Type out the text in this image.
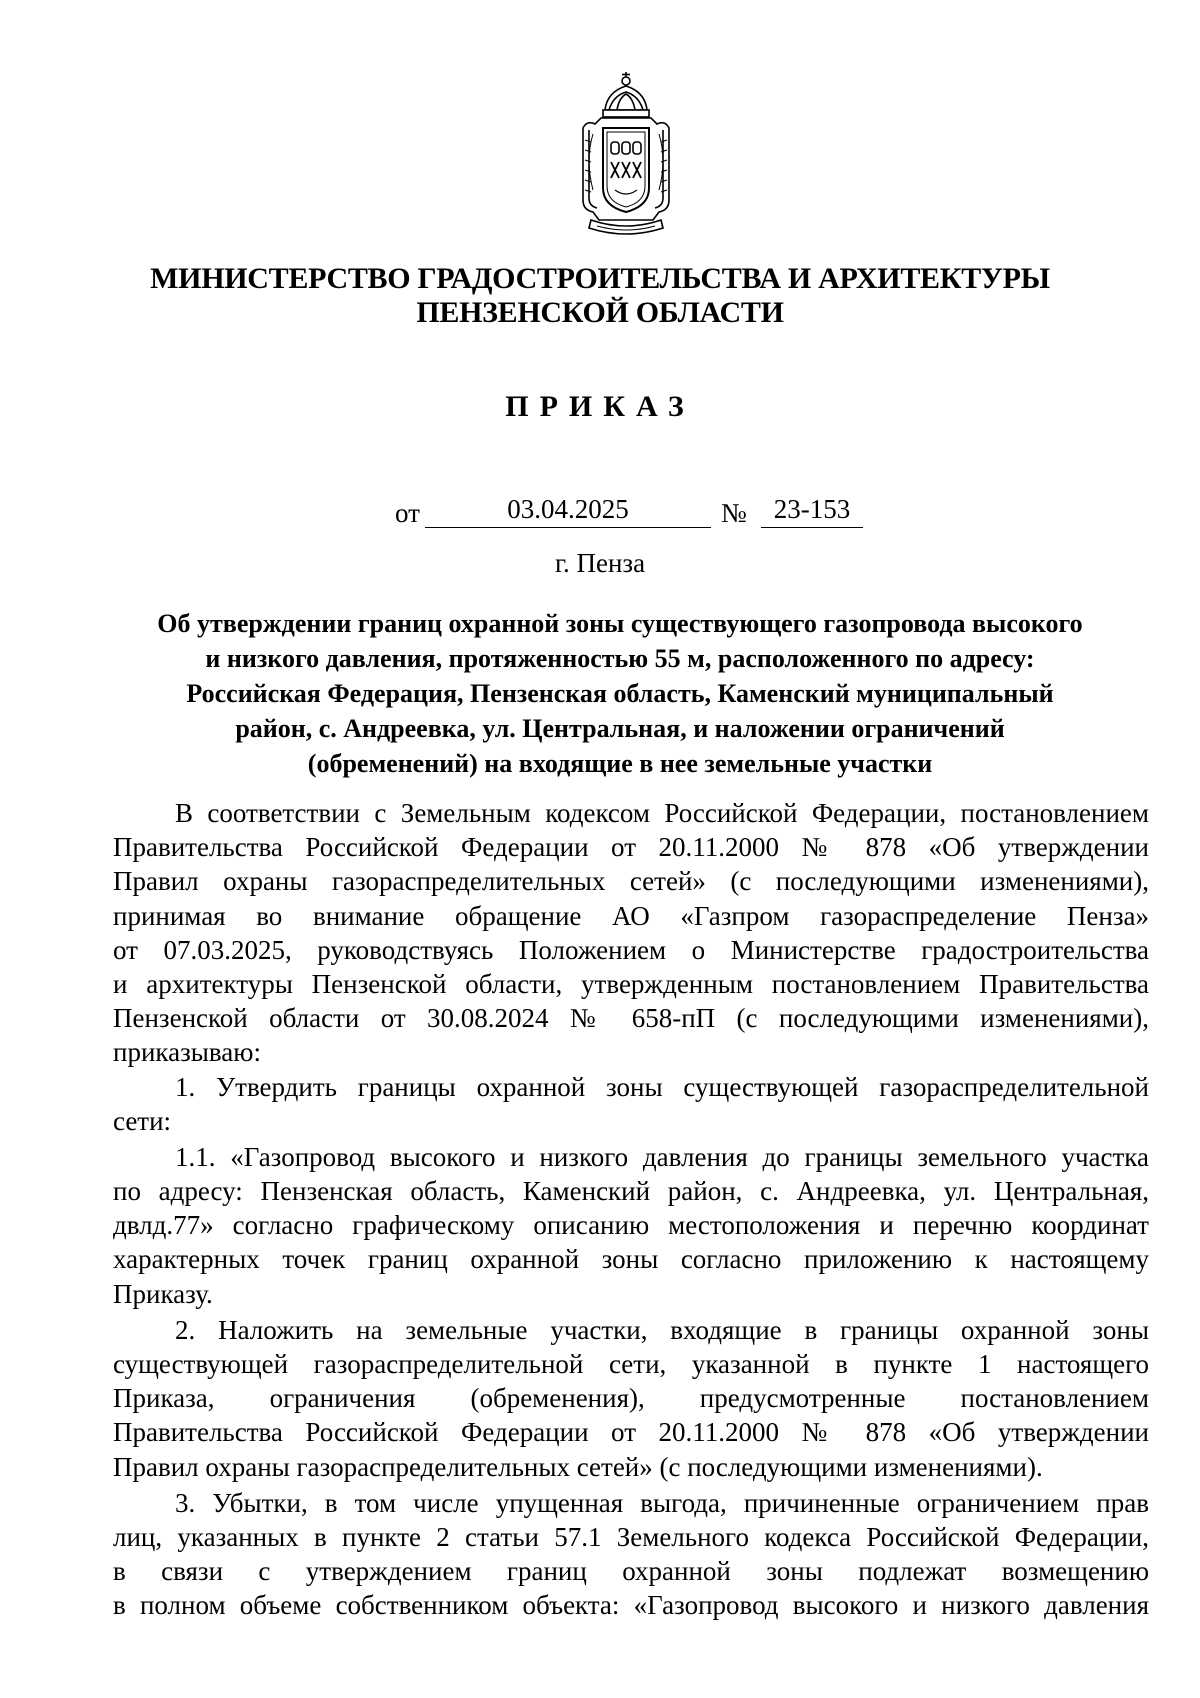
МИНИСТЕРСТВО ГРАДОСТРОИТЕЛЬСТВА И АРХИТЕКТУРЫ
ПЕНЗЕНСКОЙ ОБЛАСТИ
ПРИКАЗ
от	03.04.2025	№ 23-153
г. Пенза
Об утверждении границ охранной зоны существующего газопровода высокого
и низкого давления, протяженностью 55 м, расположенного по адресу:
Российская Федерация, Пензенская область, Каменский муниципальный
район, с. Андреевка, ул. Центральная, и наложении ограничений
(обременений) на входящие в нее земельные участки
В соответствии с Земельным кодексом Российской Федерации, постановлением
Правительства Российской Федерации от 20.11.2000 № 878 «Об утверждении
Правил охраны газораспределительных сетей» (с последующими изменениями),
принимая во внимание обращение АО «Газпром газораспределение Пенза»
от 07.03.2025, руководствуясь Положением о Министерстве градостроительства
и архитектуры Пензенской области, утвержденным постановлением Правительства
Пензенской области от 30.08.2024 № 658-пП (с последующими изменениями),
приказываю:
1. Утвердить границы охранной зоны существующей газораспределительной
сети:
1.1. «Газопровод высокого и низкого давления до границы земельного участка
по адресу: Пензенская область, Каменский район, с. Андреевка, ул. Центральная,
двлд.77» согласно графическому описанию местоположения и перечню координат
характерных точек границ охранной зоны согласно приложению к настоящему
Приказу.
2. Наложить на земельные участки, входящие в границы охранной зоны
существующей газораспределительной сети, указанной в пункте 1 настоящего
Приказа, ограничения (обременения), предусмотренные постановлением
Правительства Российской Федерации от 20.11.2000 № 878 «Об утверждении
Правил охраны газораспределительных сетей» (с последующими изменениями).
3. Убытки, в том числе упущенная выгода, причиненные ограничением прав
лиц, указанных в пункте 2 статьи 57.1 Земельного кодекса Российской Федерации,
в связи с утверждением границ охранной зоны подлежат возмещению
в полном объеме собственником объекта: «Газопровод высокого и низкого давления
